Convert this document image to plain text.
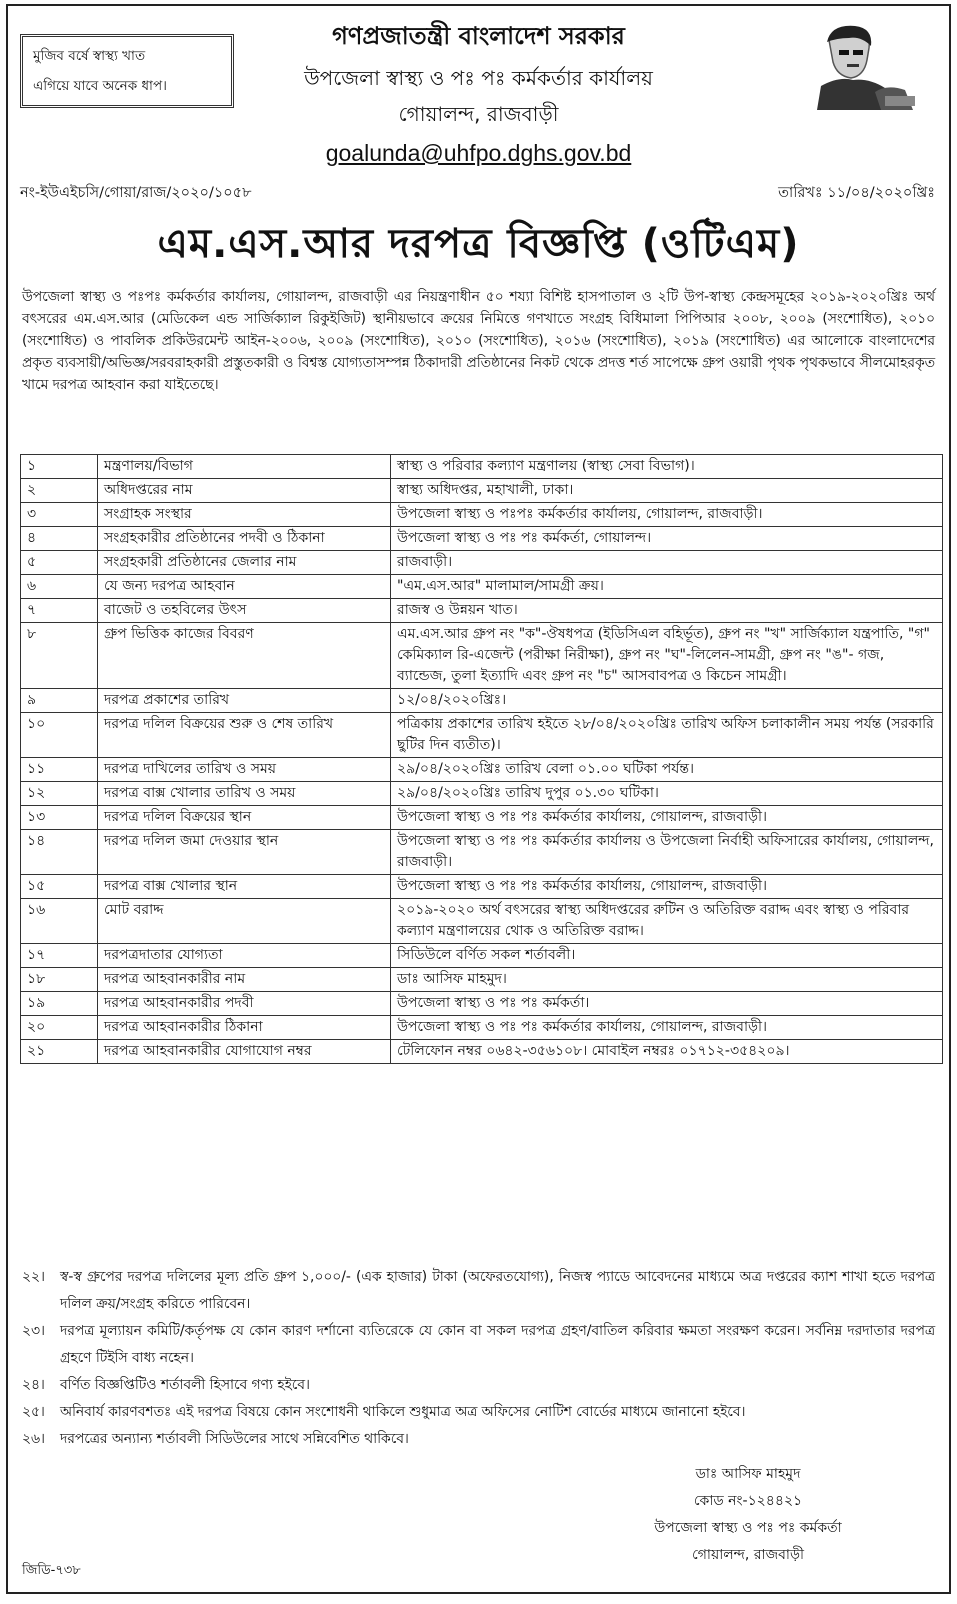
মুজিব বর্ষে স্বাস্থ্য খাত
এগিয়ে যাবে অনেক ধাপ।
গণপ্রজাতন্ত্রী বাংলাদেশ সরকার
উপজেলা স্বাস্থ্য ও পঃ পঃ কর্মকর্তার কার্যালয়
গোয়ালন্দ, রাজবাড়ী
goalunda@uhfpo.dghs.gov.bd
নং-ইউএইচসি/গোয়া/রাজ/২০২০/১০৫৮	তারিখঃ ১১/০৪/২০২০খ্রিঃ
এম.এস.আর দরপত্র বিজ্ঞপ্তি (ওটিএম)
উপজেলা স্বাস্থ্য ও পঃপঃ কর্মকর্তার কার্যালয়, গোয়ালন্দ, রাজবাড়ী এর নিয়ন্ত্রণাধীন ৫০ শয্যা বিশিষ্ট হাসপাতাল ও ২টি উপ-স্বাস্থ্য কেন্দ্রসমূহের ২০১৯-২০২০খ্রিঃ অর্থ বৎসরের এম.এস.আর (মেডিকেল এন্ড সার্জিক্যাল রিকুইজিট) স্থানীয়ভাবে ক্রয়ের নিমিত্তে গণখাতে সংগ্রহ বিধিমালা পিপিআর ২০০৮, ২০০৯ (সংশোধিত), ২০১০ (সংশোধিত) ও পাবলিক প্রকিউরমেন্ট আইন-২০০৬, ২০০৯ (সংশোধিত), ২০১০ (সংশোধিত), ২০১৬ (সংশোধিত), ২০১৯ (সংশোধিত) এর আলোকে বাংলাদেশের প্রকৃত ব্যবসায়ী/অভিজ্ঞ/সরবরাহকারী প্রস্তুতকারী ও বিশ্বস্ত যোগ্যতাসম্পন্ন ঠিকাদারী প্রতিষ্ঠানের নিকট থেকে প্রদত্ত শর্ত সাপেক্ষে গ্রুপ ওয়ারী পৃথক পৃথকভাবে সীলমোহরকৃত খামে দরপত্র আহবান করা যাইতেছে।
১	মন্ত্রণালয়/বিভাগ	স্বাস্থ্য ও পরিবার কল্যাণ মন্ত্রণালয় (স্বাস্থ্য সেবা বিভাগ)।
২	অধিদপ্তরের নাম	স্বাস্থ্য অধিদপ্তর, মহাখালী, ঢাকা।
৩	সংগ্রাহক সংস্থার	উপজেলা স্বাস্থ্য ও পঃপঃ কর্মকর্তার কার্যালয়, গোয়ালন্দ, রাজবাড়ী।
৪	সংগ্রহকারীর প্রতিষ্ঠানের পদবী ও ঠিকানা	উপজেলা স্বাস্থ্য ও পঃ পঃ কর্মকর্তা, গোয়ালন্দ।
৫	সংগ্রহকারী প্রতিষ্ঠানের জেলার নাম	রাজবাড়ী।
৬	যে জন্য দরপত্র আহবান	"এম.এস.আর" মালামাল/সামগ্রী ক্রয়।
৭	বাজেট ও তহবিলের উৎস	রাজস্ব ও উন্নয়ন খাত।
৮	গ্রুপ ভিত্তিক কাজের বিবরণ	এম.এস.আর গ্রুপ নং "ক"-ঔষধপত্র (ইডিসিএল বহির্ভূত), গ্রুপ নং "খ" সার্জিক্যাল যন্ত্রপাতি, "গ" কেমিক্যাল রি-এজেন্ট (পরীক্ষা নিরীক্ষা), গ্রুপ নং "ঘ"-লিলেন-সামগ্রী, গ্রুপ নং "ঙ"- গজ, ব্যান্ডেজ, তুলা ইত্যাদি এবং গ্রুপ নং "চ" আসবাবপত্র ও কিচেন সামগ্রী।
৯	দরপত্র প্রকাশের তারিখ	১২/০৪/২০২০খ্রিঃ।
১০	দরপত্র দলিল বিক্রয়ের শুরু ও শেষ তারিখ	পত্রিকায় প্রকাশের তারিখ হইতে ২৮/০৪/২০২০খ্রিঃ তারিখ অফিস চলাকালীন সময় পর্যন্ত (সরকারি ছুটির দিন ব্যতীত)।
১১	দরপত্র দাখিলের তারিখ ও সময়	২৯/০৪/২০২০খ্রিঃ তারিখ বেলা ০১.০০ ঘটিকা পর্যন্ত।
১২	দরপত্র বাক্স খোলার তারিখ ও সময়	২৯/০৪/২০২০খ্রিঃ তারিখ দুপুর ০১.৩০ ঘটিকা।
১৩	দরপত্র দলিল বিক্রয়ের স্থান	উপজেলা স্বাস্থ্য ও পঃ পঃ কর্মকর্তার কার্যালয়, গোয়ালন্দ, রাজবাড়ী।
১৪	দরপত্র দলিল জমা দেওয়ার স্থান	উপজেলা স্বাস্থ্য ও পঃ পঃ কর্মকর্তার কার্যালয় ও উপজেলা নির্বাহী অফিসারের কার্যালয়, গোয়ালন্দ, রাজবাড়ী।
১৫	দরপত্র বাক্স খোলার স্থান	উপজেলা স্বাস্থ্য ও পঃ পঃ কর্মকর্তার কার্যালয়, গোয়ালন্দ, রাজবাড়ী।
১৬	মোট বরাদ্দ	২০১৯-২০২০ অর্থ বৎসরের স্বাস্থ্য অধিদপ্তরের রুটিন ও অতিরিক্ত বরাদ্দ এবং স্বাস্থ্য ও পরিবার কল্যাণ মন্ত্রণালয়ের থোক ও অতিরিক্ত বরাদ্দ।
১৭	দরপত্রদাতার যোগ্যতা	সিডিউলে বর্ণিত সকল শর্তাবলী।
১৮	দরপত্র আহবানকারীর নাম	ডাঃ আসিফ মাহমুদ।
১৯	দরপত্র আহবানকারীর পদবী	উপজেলা স্বাস্থ্য ও পঃ পঃ কর্মকর্তা।
২০	দরপত্র আহবানকারীর ঠিকানা	উপজেলা স্বাস্থ্য ও পঃ পঃ কর্মকর্তার কার্যালয়, গোয়ালন্দ, রাজবাড়ী।
২১	দরপত্র আহবানকারীর যোগাযোগ নম্বর	টেলিফোন নম্বর ০৬৪২-৩৫৬১০৮। মোবাইল নম্বরঃ ০১৭১২-৩৫৪২০৯।
২২।	স্ব-স্ব গ্রুপের দরপত্র দলিলের মূল্য প্রতি গ্রুপ ১,০০০/- (এক হাজার) টাকা (অফেরতযোগ্য), নিজস্ব প্যাডে আবেদনের মাধ্যমে অত্র দপ্তরের ক্যাশ শাখা হতে দরপত্র দলিল ক্রয়/সংগ্রহ করিতে পারিবেন।
২৩।	দরপত্র মূল্যায়ন কমিটি/কর্তৃপক্ষ যে কোন কারণ দর্শানো ব্যতিরেকে যে কোন বা সকল দরপত্র গ্রহণ/বাতিল করিবার ক্ষমতা সংরক্ষণ করেন। সর্বনিম্ন দরদাতার দরপত্র গ্রহণে টিইসি বাধ্য নহেন।
২৪।	বর্ণিত বিজ্ঞপ্তিটিও শর্তাবলী হিসাবে গণ্য হইবে।
২৫।	অনিবার্য কারণবশতঃ এই দরপত্র বিষয়ে কোন সংশোধনী থাকিলে শুধুমাত্র অত্র অফিসের নোটিশ বোর্ডের মাধ্যমে জানানো হইবে।
২৬।	দরপত্রের অন্যান্য শর্তাবলী সিডিউলের সাথে সন্নিবেশিত থাকিবে।
ডাঃ আসিফ মাহমুদ
কোড নং-১২৪৪২১
উপজেলা স্বাস্থ্য ও পঃ পঃ কর্মকর্তা
গোয়ালন্দ, রাজবাড়ী
জিডি-৭৩৮
